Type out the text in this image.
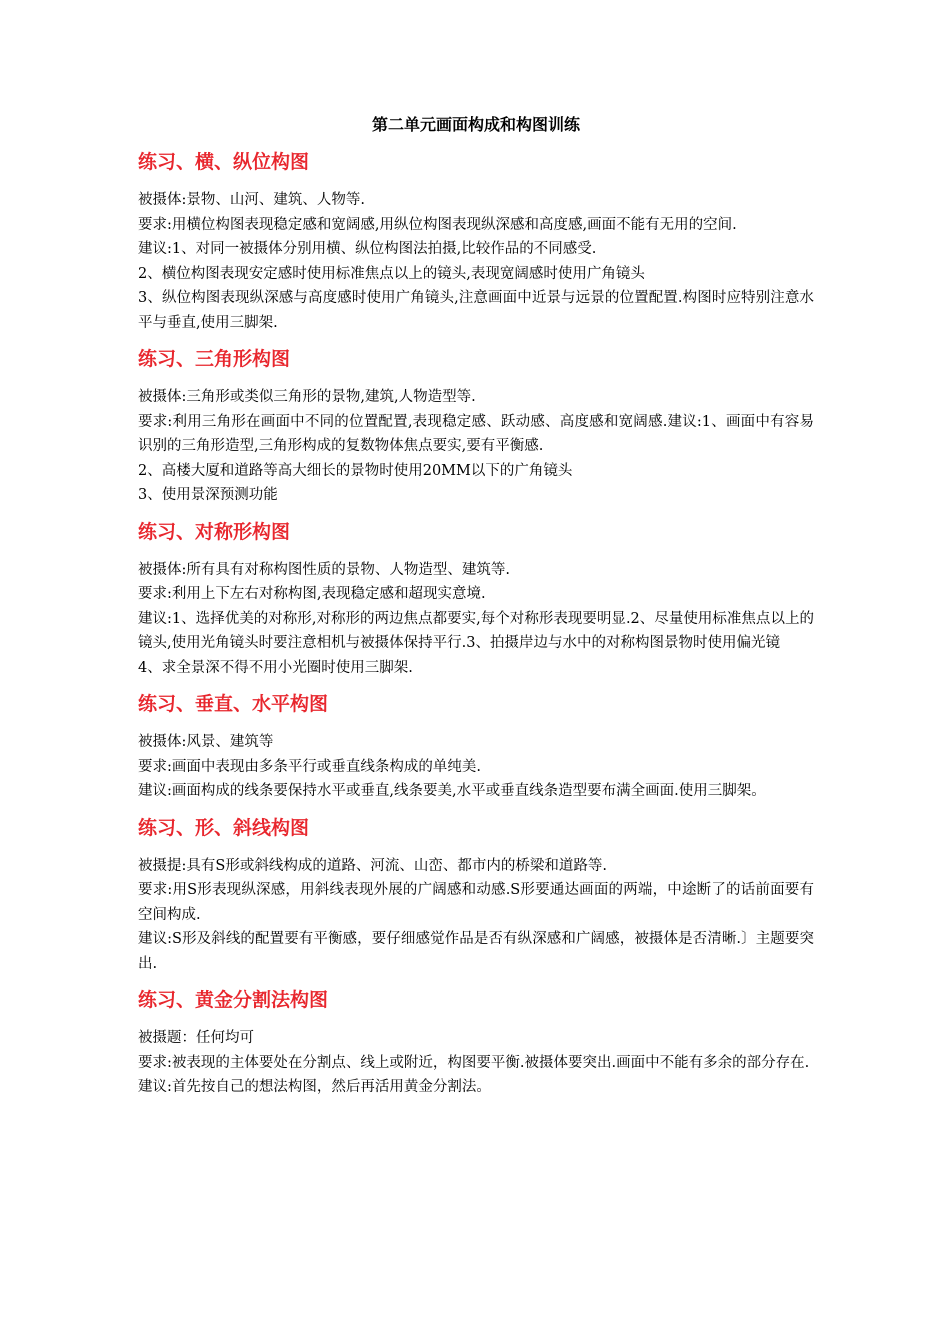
第二单元画面构成和构图训练
练习、横、纵位构图

被摄体:景物、山河、建筑、人物等.

要求:用横位构图表现稳定感和宽阔感,用纵位构图表现纵深感和高度感,画面不能有无用的空间.

建议:1、对同一被摄体分别用横、纵位构图法拍摄,比较作品的不同感受.

2、横位构图表现安定感时使用标准焦点以上的镜头,表现宽阔感时使用广角镜头

3、纵位构图表现纵深感与高度感时使用广角镜头,注意画面中近景与远景的位置配置.构图时应特别注意水平与垂直,使用三脚架.

练习、三角形构图

被摄体:三角形或类似三角形的景物,建筑,人物造型等.

要求:利用三角形在画面中不同的位置配置,表现稳定感、跃动感、高度感和宽阔感.建议:1、画面中有容易识别的三角形造型,三角形构成的复数物体焦点要实,要有平衡感.

2、高楼大厦和道路等高大细长的景物时使用20MM以下的广角镜头

3、使用景深预测功能

练习、对称形构图

被摄体:所有具有对称构图性质的景物、人物造型、建筑等.

要求:利用上下左右对称构图,表现稳定感和超现实意境.

建议:1、选择优美的对称形,对称形的两边焦点都要实,每个对称形表现要明显.2、尽量使用标准焦点以上的镜头,使用光角镜头时要注意相机与被摄体保持平行.3、拍摄岸边与水中的对称构图景物时使用偏光镜

4、求全景深不得不用小光圈时使用三脚架.

练习、垂直、水平构图

被摄体:风景、建筑等

要求:画面中表现由多条平行或垂直线条构成的单纯美.

建议:画面构成的线条要保持水平或垂直,线条要美,水平或垂直线条造型要布满全画面.使用三脚架。

练习、形、斜线构图

被摄提:具有S形或斜线构成的道路、河流、山峦、都市内的桥梁和道路等.

要求:用S形表现纵深感，用斜线表现外展的广阔感和动感.S形要通达画面的两端，中途断了的话前面要有空间构成.

建议:S形及斜线的配置要有平衡感，要仔细感觉作品是否有纵深感和广阔感，被摄体是否清晰.〕主题要突出.

练习、黄金分割法构图

被摄题：任何均可

要求:被表现的主体要处在分割点、线上或附近，构图要平衡.被摄体要突出.画面中不能有多余的部分存在.

建议:首先按自己的想法构图，然后再活用黄金分割法。
